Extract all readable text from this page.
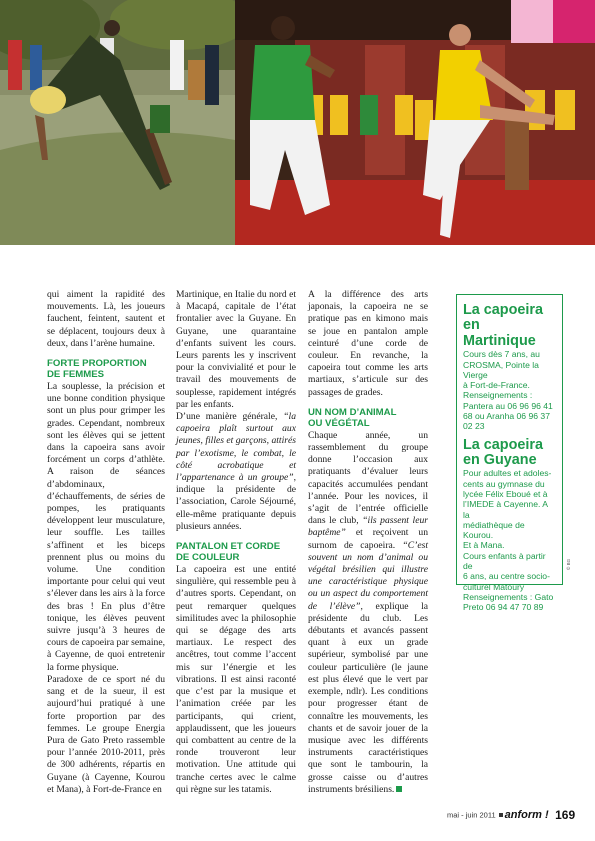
qui aiment la rapidité des mouvements. Là, les joueurs fauchent, feintent, sautent et se déplacent, toujours deux à deux, dans l’arène humaine.

FORTE PROPORTION
DE FEMMES

La souplesse, la précision et une bonne condition physique sont un plus pour grimper les grades. Cependant, nombreux sont les élèves qui se jettent dans la capoeira sans avoir forcément un corps d’athlète. A raison de séances d’abdominaux, d’échauffements, de séries de pompes, les pratiquants développent leur musculature, leur souffle. Les tailles s’affinent et les biceps prennent plus ou moins du volume. Une condition importante pour celui qui veut s’élever dans les airs à la force des bras ! En plus d’être tonique, les élèves peuvent suivre jusqu’à 3 heures de cours de capoeira par semaine, à Cayenne, de quoi entretenir la forme physique.

Paradoxe de ce sport né du sang et de la sueur, il est aujourd’hui pratiqué à une forte proportion par des femmes. Le groupe Energia Pura de Gato Preto rassemble pour l’année 2010-2011, près de 300 adhérents, répartis en Guyane (à Cayenne, Kourou et Mana), à Fort-de-France en

Martinique, en Italie du nord et à Macapá, capitale de l’état frontalier avec la Guyane. En Guyane, une quarantaine d’enfants suivent les cours. Leurs parents les y inscrivent pour la convivialité et pour le travail des mouvements de souplesse, rapidement intégrés par les enfants.

D’une manière générale, “la capoeira plaît surtout aux jeunes, filles et garçons, attirés par l’exotisme, le combat, le côté acrobatique et l’appartenance à un groupe”, indique la présidente de l’association, Carole Séjourné, elle-même pratiquante depuis plusieurs années.

PANTALON ET CORDE
DE COULEUR

La capoeira est une entité singulière, qui ressemble peu à d’autres sports. Cependant, on peut remarquer quelques similitudes avec la philosophie qui se dégage des arts martiaux. Le respect des ancêtres, tout comme l’accent mis sur l’énergie et les vibrations. Il est ainsi raconté que c’est par la musique et l’animation créée par les participants, qui crient, applaudissent, que les joueurs qui combattent au centre de la ronde trouveront leur motivation. Une attitude qui tranche certes avec le calme qui règne sur les tatamis.

A la différence des arts japonais, la capoeira ne se pratique pas en kimono mais se joue en pantalon ample ceinturé d’une corde de couleur. En revanche, la capoeira tout comme les arts martiaux, s’articule sur des passages de grades.

UN NOM D’ANIMAL
OU VÉGÉTAL

Chaque année, un rassemblement du groupe donne l’occasion aux pratiquants d’évaluer leurs capacités accumulées pendant l’année. Pour les novices, il s’agit de l’entrée officielle dans le club, “ils passent leur baptême” et reçoivent un surnom de capoeira. “C’est souvent un nom d’animal ou végétal brésilien qui illustre une caractéristique physique ou un aspect du comportement de l’élève”, explique la présidente du club. Les débutants et avancés passent quant à eux un grade supérieur, symbolisé par une couleur particulière (le jaune est plus élevé que le vert par exemple, ndlr). Les conditions pour progresser étant de connaître les mouvements, les chants et de savoir jouer de la musique avec les différents instruments caractéristiques que sont le tambourin, la grosse caisse ou d’autres instruments brésiliens.

La capoeira
en Martinique
Cours dès 7 ans, au
CROSMA, Pointe la Vierge
à Fort-de-France.
Renseignements :
Pantera au 06 96 96 41
68 ou Aranha 06 96 37
02 23
La capoeira
en Guyane
Pour adultes et adoles-
cents au gymnase du
lycée Félix Eboué et à
l’IMEDE à Cayenne. A la
médiathèque de Kourou.
Et à Mana.
Cours enfants à partir de
6 ans, au centre socio-
culturel Matoury
Renseignements : Gato
Preto 06 94 47 70 89
© BG
mai - juin 2011 anform ! 169
